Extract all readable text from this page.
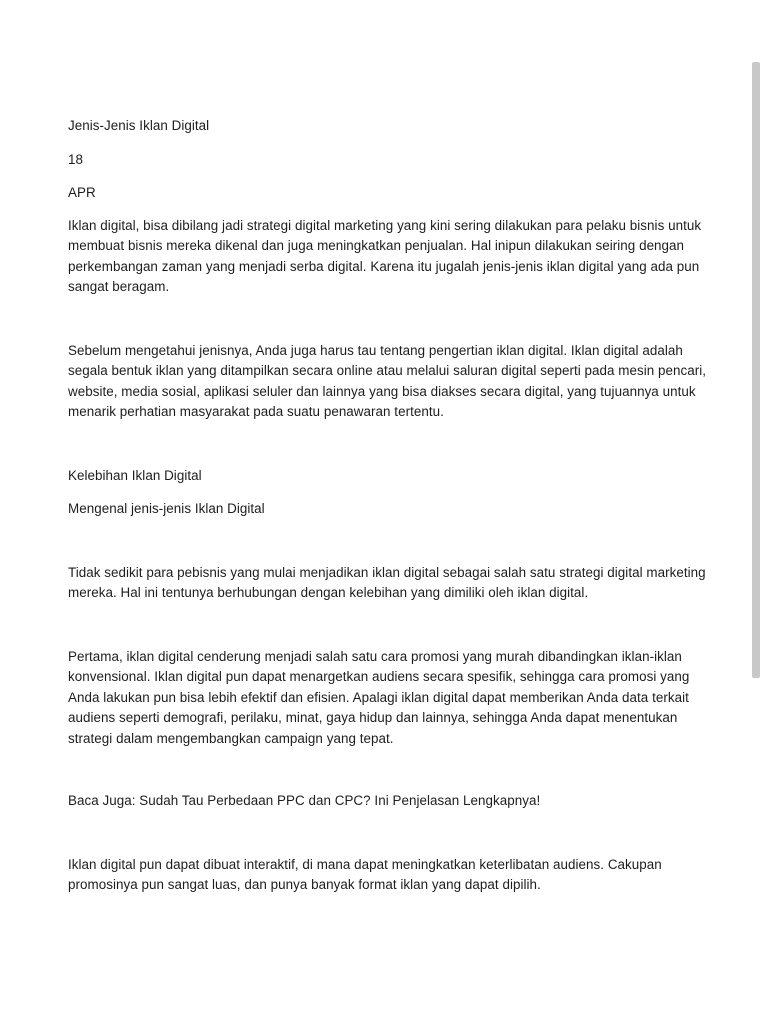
Jenis-Jenis Iklan Digital

18

APR

Iklan digital, bisa dibilang jadi strategi digital marketing yang kini sering dilakukan para pelaku bisnis untuk membuat bisnis mereka dikenal dan juga meningkatkan penjualan. Hal inipun dilakukan seiring dengan perkembangan zaman yang menjadi serba digital. Karena itu jugalah jenis-jenis iklan digital yang ada pun sangat beragam.

Sebelum mengetahui jenisnya, Anda juga harus tau tentang pengertian iklan digital. Iklan digital adalah segala bentuk iklan yang ditampilkan secara online atau melalui saluran digital seperti pada mesin pencari, website, media sosial, aplikasi seluler dan lainnya yang bisa diakses secara digital, yang tujuannya untuk menarik perhatian masyarakat pada suatu penawaran tertentu.

Kelebihan Iklan Digital

Mengenal jenis-jenis Iklan Digital

Tidak sedikit para pebisnis yang mulai menjadikan iklan digital sebagai salah satu strategi digital marketing mereka. Hal ini tentunya berhubungan dengan kelebihan yang dimiliki oleh iklan digital.

Pertama, iklan digital cenderung menjadi salah satu cara promosi yang murah dibandingkan iklan-iklan konvensional. Iklan digital pun dapat menargetkan audiens secara spesifik, sehingga cara promosi yang Anda lakukan pun bisa lebih efektif dan efisien. Apalagi iklan digital dapat memberikan Anda data terkait audiens seperti demografi, perilaku, minat, gaya hidup dan lainnya, sehingga Anda dapat menentukan strategi dalam mengembangkan campaign yang tepat.

Baca Juga: Sudah Tau Perbedaan PPC dan CPC? Ini Penjelasan Lengkapnya!

Iklan digital pun dapat dibuat interaktif, di mana dapat meningkatkan keterlibatan audiens. Cakupan promosinya pun sangat luas, dan punya banyak format iklan yang dapat dipilih.
